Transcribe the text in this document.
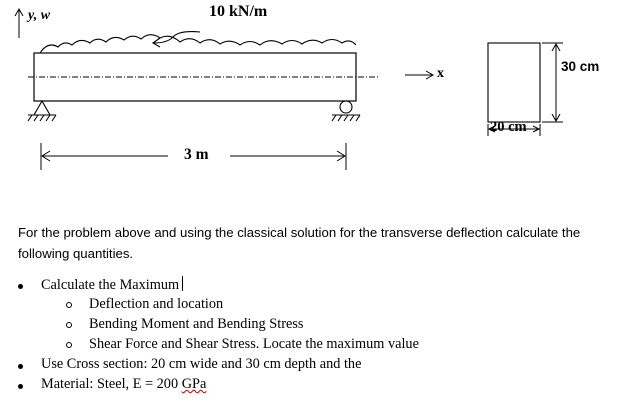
y, w	10 kN/m
x
3 m
30 cm
20 cm
For the problem above and using the classical solution for the transverse deflection calculate the following quantities.
Calculate the Maximum
Deflection and location
Bending Moment and Bending Stress
Shear Force and Shear Stress. Locate the maximum value
Use Cross section: 20 cm wide and 30 cm depth and the
Material: Steel, E = 200 GPa
